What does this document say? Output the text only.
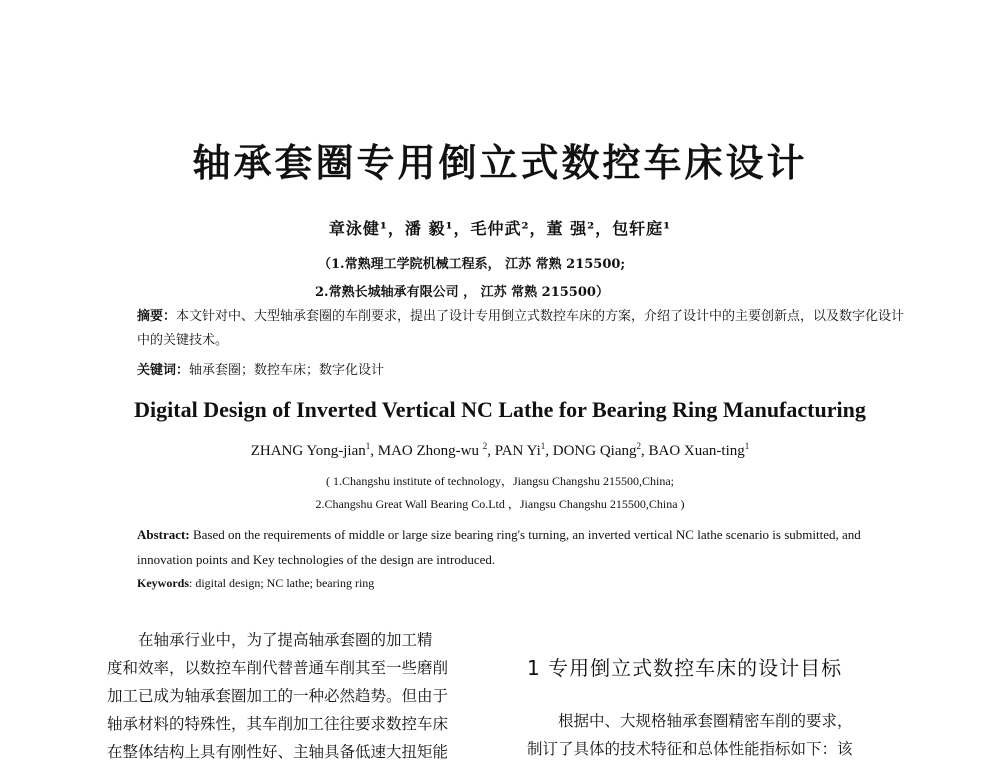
轴承套圈专用倒立式数控车床设计
章泳健¹，潘 毅¹，毛仲武²，董 强²，包轩庭¹
（1.常熟理工学院机械工程系， 江苏 常熟 215500;
2.常熟长城轴承有限公司 ， 江苏 常熟 215500）
摘要：本文针对中、大型轴承套圈的车削要求，提出了设计专用倒立式数控车床的方案，介绍了设计中的主要创新点，以及数字化设计中的关键技术。
关键词：轴承套圈；数控车床；数字化设计
Digital Design of Inverted Vertical NC Lathe for Bearing Ring Manufacturing
ZHANG Yong-jian$^1$, MAO Zhong-wu $^2$, PAN Yi$^1$, DONG Qiang$^2$, BAO Xuan-ting$^1$
( 1.Changshu institute of technology，Jiangsu Changshu 215500,China;
2.Changshu Great Wall Bearing Co.Ltd ，Jiangsu Changshu 215500,China )
Abstract: Based on the requirements of middle or large size bearing ring's turning, an inverted vertical NC lathe scenario is submitted, and innovation points and Key technologies of the design are introduced.
Keywords: digital design; NC lathe; bearing ring
　　在轴承行业中，为了提高轴承套圈的加工精
度和效率，以数控车削代替普通车削其至一些磨削
加工已成为轴承套圈加工的一种必然趋势。但由于
轴承材料的特殊性，其车削加工往往要求数控车床
在整体结构上具有刚性好、主轴具备低速大扭矩能
1 专用倒立式数控车床的设计目标
　　根据中、大规格轴承套圈精密车削的要求，
制订了具体的技术特征和总体性能指标如下：该
